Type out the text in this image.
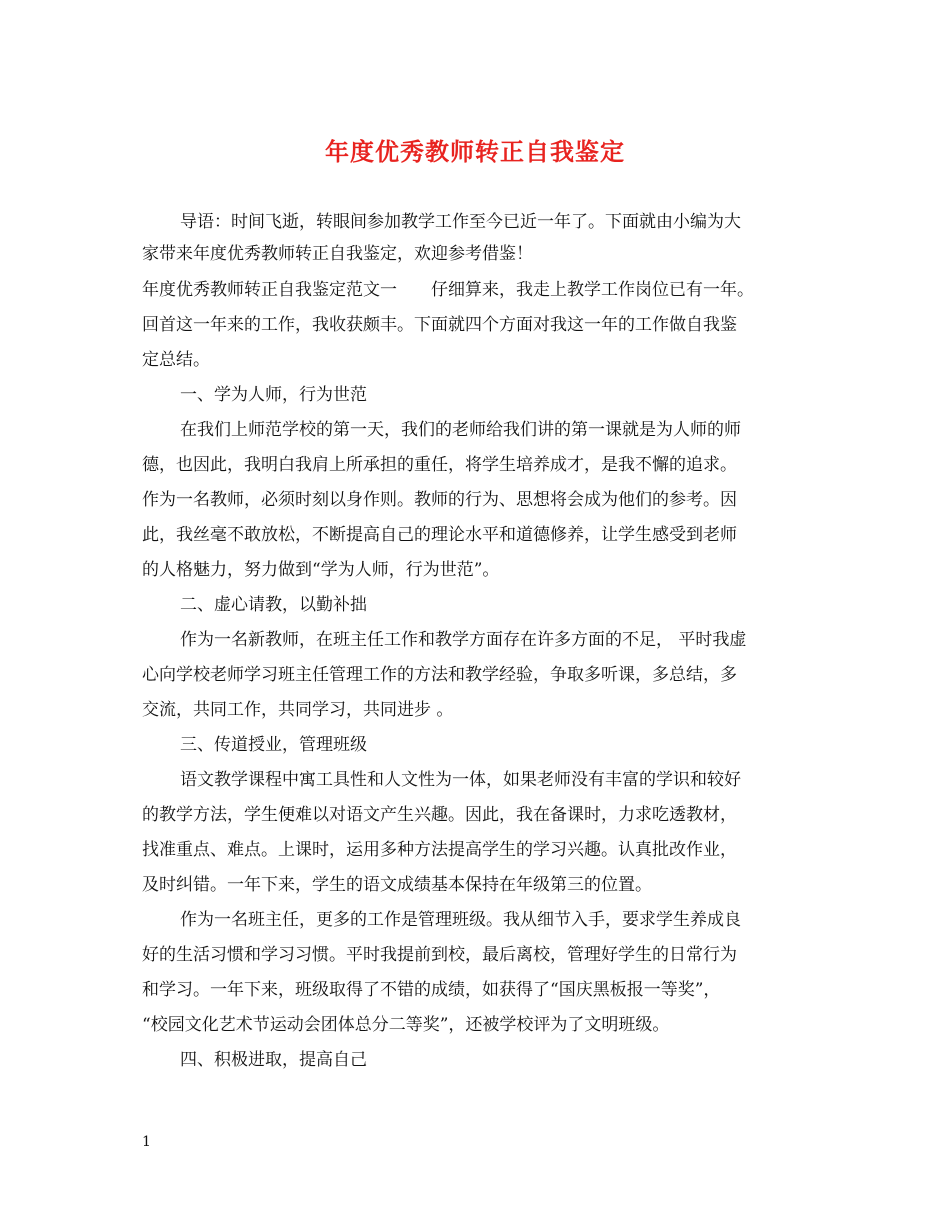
年度优秀教师转正自我鉴定
导语：时间飞逝，转眼间参加教学工作至今已近一年了。下面就由小编为大
家带来年度优秀教师转正自我鉴定，欢迎参考借鉴！
年度优秀教师转正自我鉴定范文一　　仔细算来，我走上教学工作岗位已有一年。
回首这一年来的工作，我收获颇丰。下面就四个方面对我这一年的工作做自我鉴
定总结。
一、学为人师，行为世范
在我们上师范学校的第一天，我们的老师给我们讲的第一课就是为人师的师
德，也因此，我明白我肩上所承担的重任，将学生培养成才，是我不懈的追求。
作为一名教师，必须时刻以身作则。教师的行为、思想将会成为他们的参考。因
此，我丝毫不敢放松，不断提高自己的理论水平和道德修养，让学生感受到老师
的人格魅力，努力做到“学为人师，行为世范”。
二、虚心请教，以勤补拙
作为一名新教师，在班主任工作和教学方面存在许多方面的不足， 平时我虚
心向学校老师学习班主任管理工作的方法和教学经验，争取多听课，多总结，多
交流，共同工作，共同学习，共同进步 。
三、传道授业，管理班级
语文教学课程中寓工具性和人文性为一体，如果老师没有丰富的学识和较好
的教学方法，学生便难以对语文产生兴趣。因此，我在备课时，力求吃透教材，
找准重点、难点。上课时，运用多种方法提高学生的学习兴趣。认真批改作业，
及时纠错。一年下来，学生的语文成绩基本保持在年级第三的位置。
作为一名班主任，更多的工作是管理班级。我从细节入手，要求学生养成良
好的生活习惯和学习习惯。平时我提前到校，最后离校，管理好学生的日常行为
和学习。一年下来，班级取得了不错的成绩，如获得了“国庆黑板报一等奖”，
“校园文化艺术节运动会团体总分二等奖”，还被学校评为了文明班级。
四、积极进取，提高自己
1
